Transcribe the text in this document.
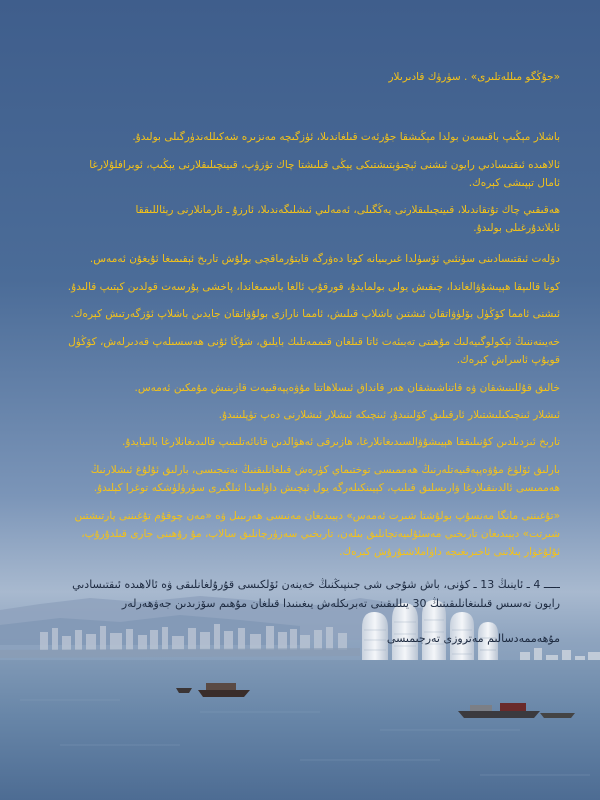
«جۇڭگو مىللەتلىرى» . سۈرۈك قادىرىلار
باشلار مېڭىپ باقىسەن بولدا مېڭىشقا جۇرئەت قىلغاندىلا، ئۈزگىچە مەنزىرە شەكىللەندۈرگىلى بولىدۇ.
ئالاھىدە ئىقتىسادىي رايون ئىشنى ئېچىۋېتىشتىكى يېڭى قىلىشتا چاك تۈزۈپ، قىينچىلىقلارنى يېڭىپ، ئوبرافلۇلارغا
ئامال تېپىشى كېرەك.
ھەقىقىي چاك تۇتقاندىلا، قىينچىلىقلارنى يەڭگىلى، ئەمەلىي ئىشلىگەندىلا، ئارزۇ ـ ئارمانلارنى رېئاللىققا
ئايلاندۇرغىلى بولىدۇ.
دۆلەت ئىقتىسادىنى سۈنئىي ئۆسۈلدا غىربىيانە كونا دەۋرگە قايتۇرماقچى بولۇش تارىخ ئېقىمىغا ئۇيغۇن ئەمەس.
كونا قالىپقا ھېيىشۇۋالغاندا، چىقىش يولى بولمايدۇ، قورقۇپ ئالغا باسمىغاندا، پاخشى پۇرسەت قولدىن كېتىپ قالىدۇ.
ئىشنى ئامما كۆڭۈل بۆلۈۋاتقان ئىشتىن باشلاپ قىلىش، ئامما نارازى بولۇۋاتقان جايدىن باشلاپ ئۆزگەرتىش كېرەك.
خەيىنەننىڭ ئېكولوگىيەلىك مۇھىتى تەبىئەت ئاتا قىلغان قىممەتلىك بايلىق، شۇڭا ئۇنى ھەسسىلەپ قەدىرلەش، كۆڭۈل
قويۇپ ئاسراش كېرەك.
خالىق قۇللىنىشقان ۋە قاتناشىشقان ھەر قانداق ئىسلاھاتتا مۇۋەپپەقىيەت قازىنىش مۇمكىن ئەمەس.
ئىشلار ئىنچىكىلىشتىلار ئارقىلىق كۆلىنىدۇ، ئىنچىكە ئىشلار ئىشلارنى دەپ تۈپلىنىدۇ.
تارىخ ئىزدىلدىن كۇنىلىققا ھېيىشۇۋالسىدىغانلارغا، ھازىرقى ئەھۋالدىن قانائەتلىنىپ قالىدىغانلارغا بالىيايدۇ.
بارلىق ئۆلۈغ مۇۋەپپەقىيەتلەرنىڭ ھەممىسى توختىماي كۈرەش قىلغانلىقنىڭ نەتىجىسى، بارلىق ئۇلۇغ ئىشلارنىڭ
ھەممىسى ئالدىنقىلارغا ۋارىسلىق قىلىپ، كېيىنكىلەرگە يول ئېچىش داۋامىدا ئىلگىرى سۈرۈلۈشكە توغرا كېلىدۇ.
«تۇغىننى مانگا مەنسۇپ بولۇشتا شىرت ئەمەس» دېيىدىغان مەنىسى ھەرىبىل ۋە «مەن چوقۇم تۇغىننى پارتىشتىن
شىرتت» دېيىدىغان تارىخىي مەسئۇلىيەتچانلىق بىلەن، تارىخىي سەزۈرچانلىق سالاپ، مۇ رۇھىنى جارى قىلدۇرۇپ،
ئۇلۇغۋار پىلاننى ئاخىرىغىچە داۋاملاشتۇرۇش كېرەك.
ـــــ 4 ـ ئاينىڭ 13 ـ كۈنى، باش شۇجى شى جىنپىڭنىڭ خەينەن ئۆلكىسى قۇرۇلغانلىقى ۋە ئالاھىدە ئىقتىسادىي
رايون تەسىس قىلىنغانلىقىنىڭ 30 يىللىقىنى تەبرىكلەش يىغىنىدا قىلغان مۇھىم سۆزىدىن جەۋھەرلەر
مۇھەممەدسالىم مەتروزى تەرجىمىسى
